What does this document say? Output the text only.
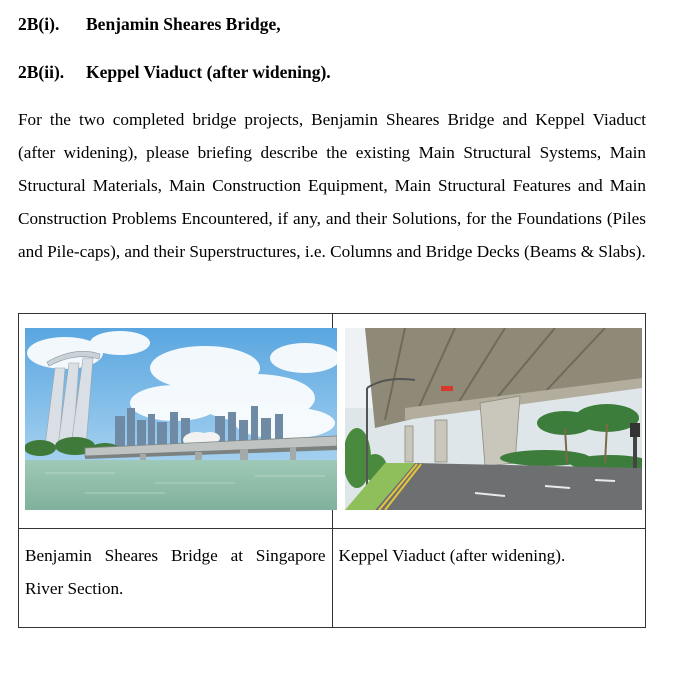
2B(i). Benjamin Sheares Bridge,
2B(ii). Keppel Viaduct (after widening).
For the two completed bridge projects, Benjamin Sheares Bridge and Keppel Viaduct (after widening), please briefing describe the existing Main Structural Systems, Main Structural Materials, Main Construction Equipment, Main Structural Features and Main Construction Problems Encountered, if any, and their Solutions, for the Foundations (Piles and Pile-caps), and their Superstructures, i.e. Columns and Bridge Decks (Beams & Slabs).

Benjamin Sheares Bridge at Singapore River Section.	Keppel Viaduct (after widening).
